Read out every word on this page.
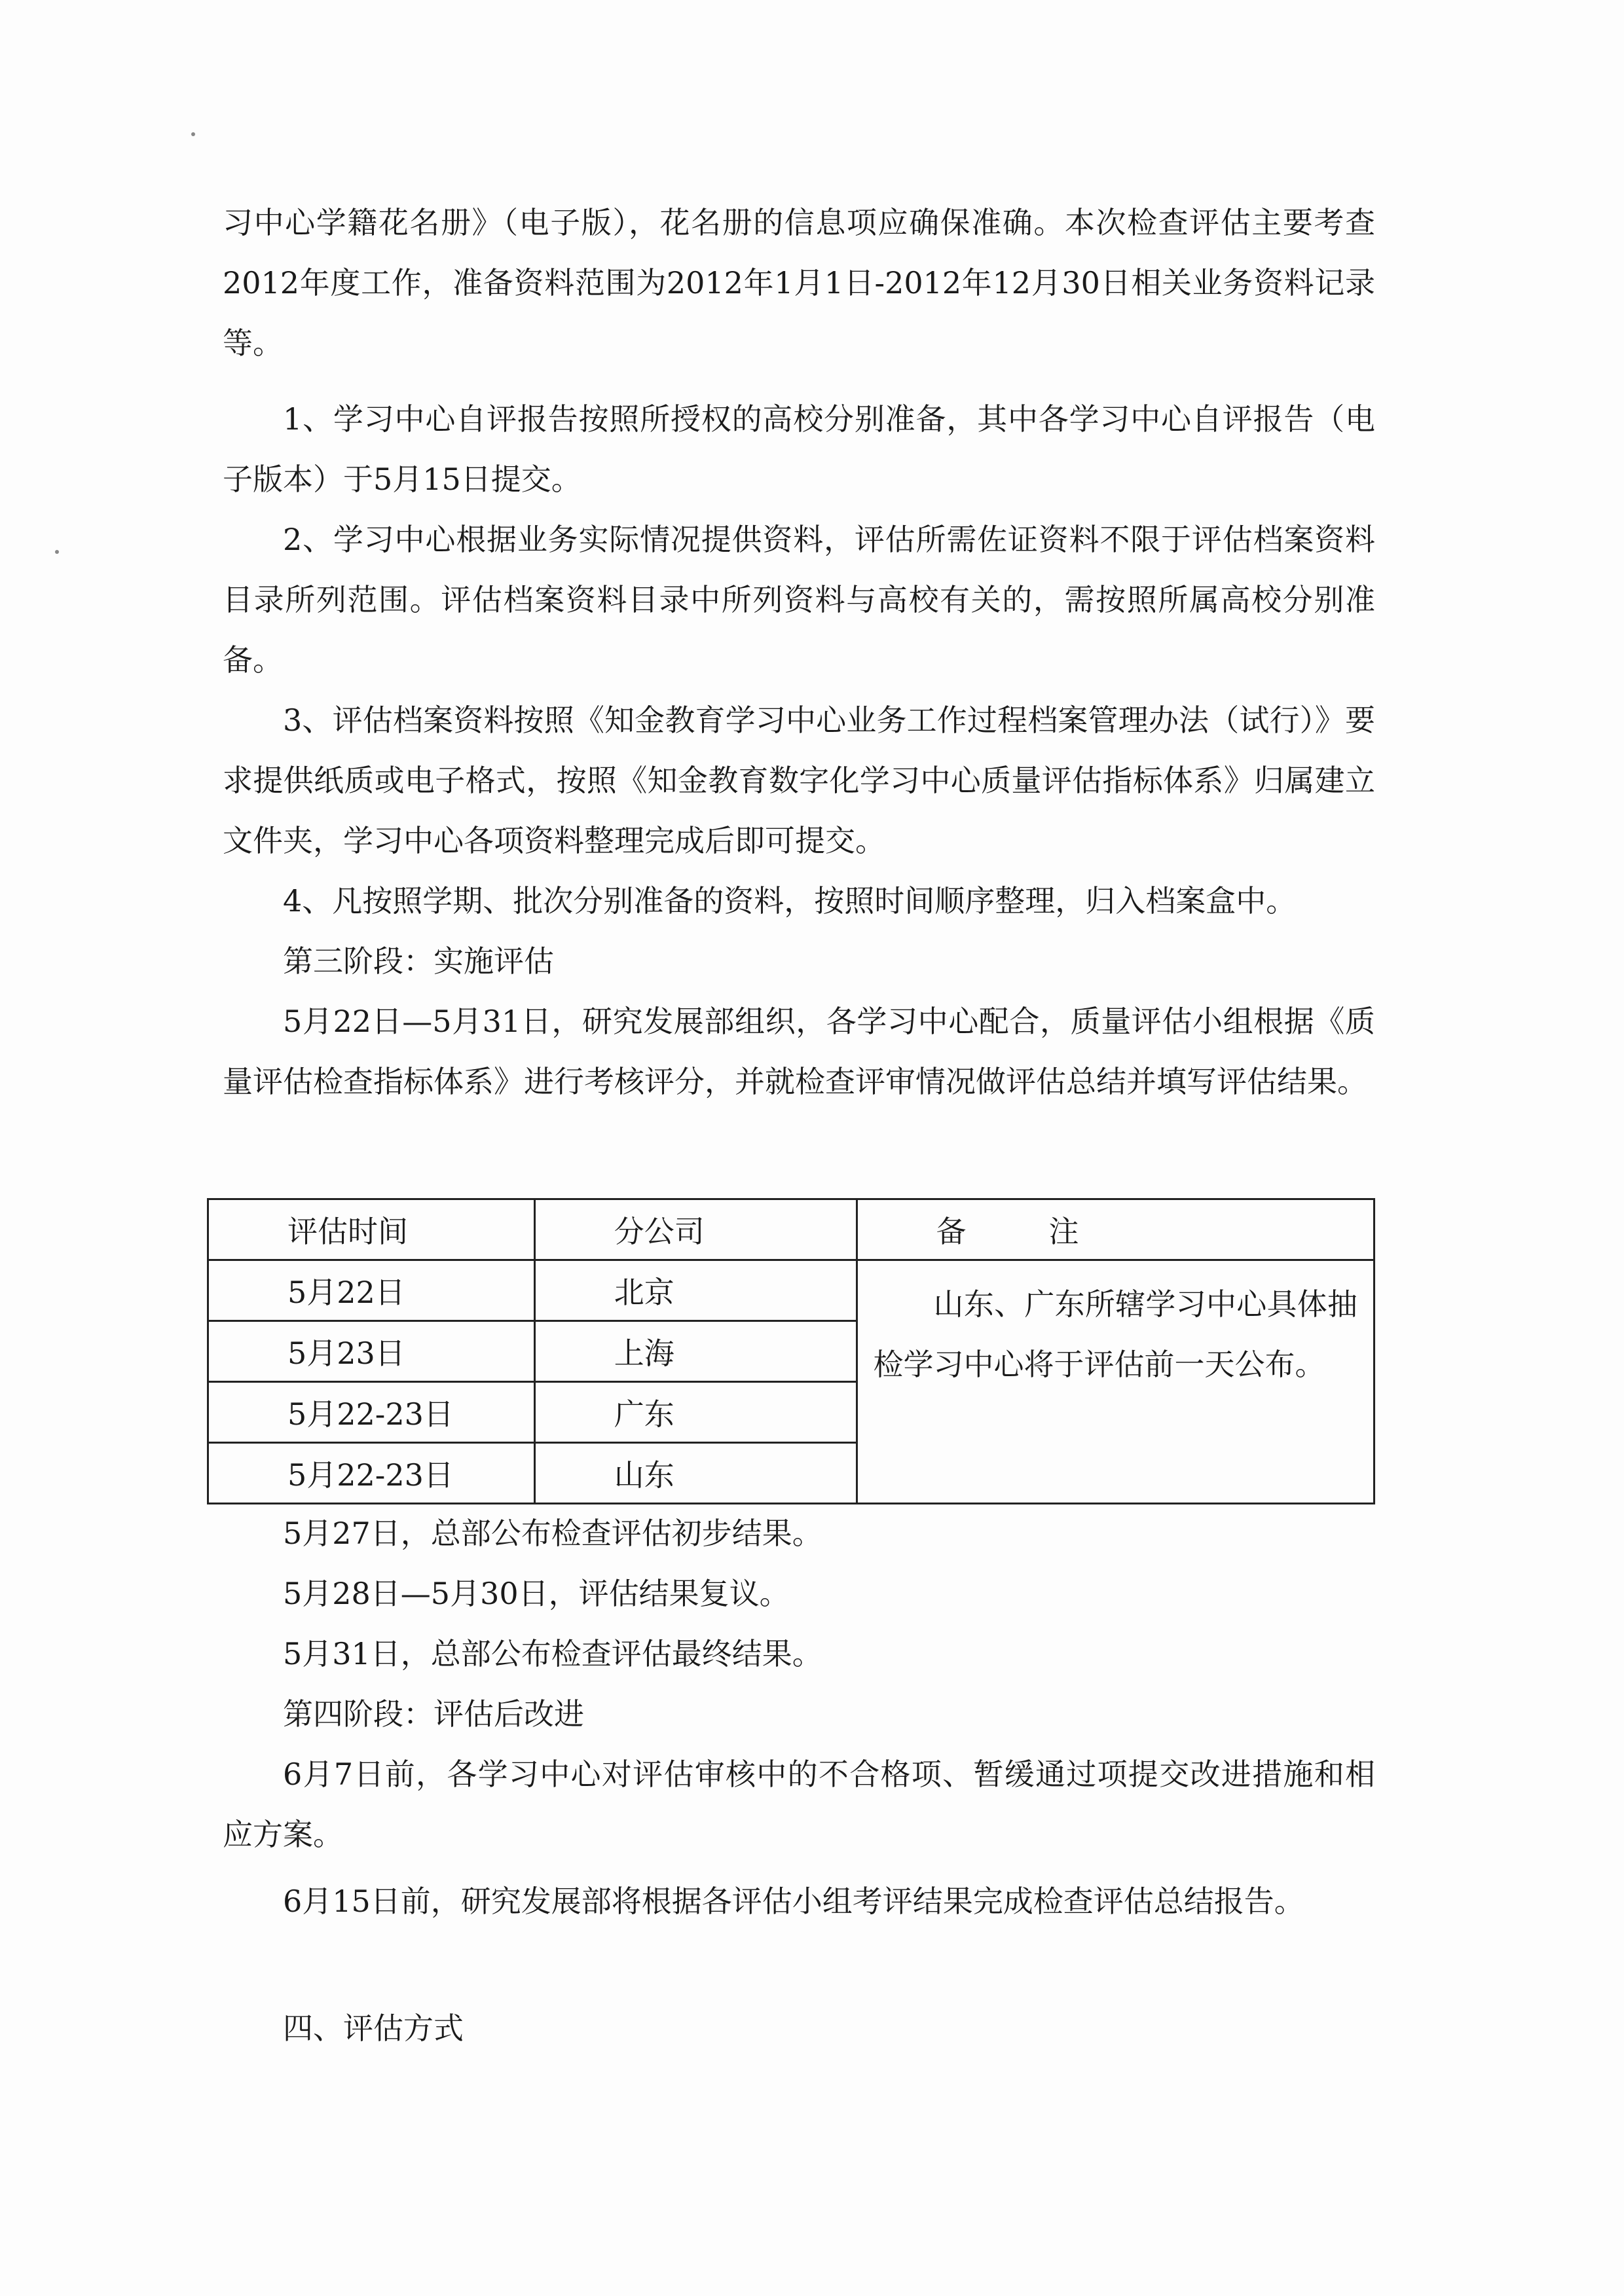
习中心学籍花名册》（电子版），花名册的信息项应确保准确。本次检查评估主要考查2012年度工作，准备资料范围为2012年1月1日-2012年12月30日相关业务资料记录等。

1、学习中心自评报告按照所授权的高校分别准备，其中各学习中心自评报告（电子版本）于5月15日提交。

2、学习中心根据业务实际情况提供资料，评估所需佐证资料不限于评估档案资料目录所列范围。评估档案资料目录中所列资料与高校有关的，需按照所属高校分别准备。

3、评估档案资料按照《知金教育学习中心业务工作过程档案管理办法（试行）》要求提供纸质或电子格式，按照《知金教育数字化学习中心质量评估指标体系》归属建立文件夹，学习中心各项资料整理完成后即可提交。

4、凡按照学期、批次分别准备的资料，按照时间顺序整理，归入档案盒中。

第三阶段：实施评估

5月22日—5月31日，研究发展部组织，各学习中心配合，质量评估小组根据《质量评估检查指标体系》进行考核评分，并就检查评审情况做评估总结并填写评估结果。

评估时间	分公司	备　注
5月22日	北京	山东、广东所辖学习中心具体抽检学习中心将于评估前一天公布。
5月23日	上海	
5月22-23日	广东	
5月22-23日	山东	

5月27日，总部公布检查评估初步结果。

5月28日—5月30日，评估结果复议。

5月31日，总部公布检查评估最终结果。

第四阶段：评估后改进

6月7日前，各学习中心对评估审核中的不合格项、暂缓通过项提交改进措施和相应方案。

6月15日前，研究发展部将根据各评估小组考评结果完成检查评估总结报告。

四、评估方式
